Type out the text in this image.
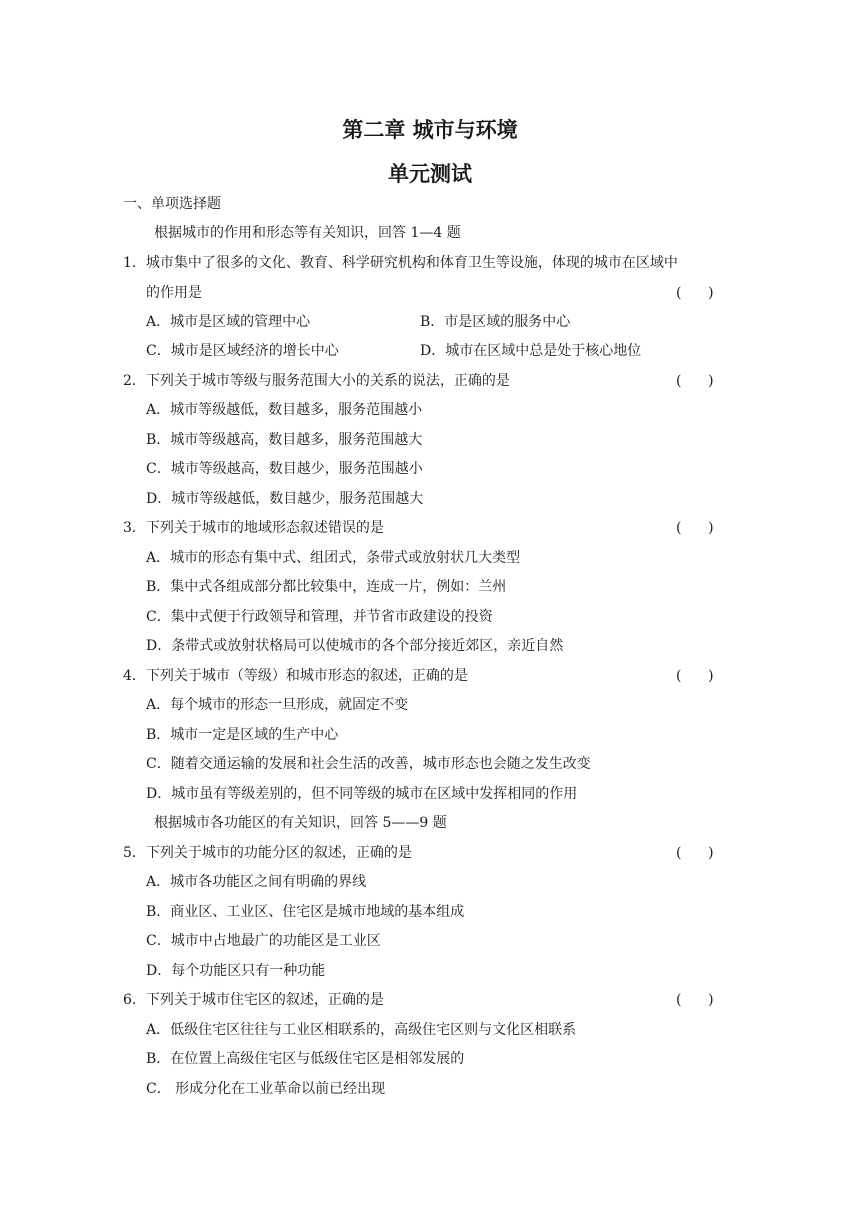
第二章 城市与环境
单元测试
一、单项选择题
根据城市的作用和形态等有关知识，回答 1—4 题
1．城市集中了很多的文化、教育、科学研究机构和体育卫生等设施，体现的城市在区域中
的作用是	(      )
A．城市是区域的管理中心	B．市是区域的服务中心
C．城市是区域经济的增长中心	D．城市在区域中总是处于核心地位
2．下列关于城市等级与服务范围大小的关系的说法，正确的是	(      )
A．城市等级越低，数目越多，服务范围越小
B．城市等级越高，数目越多，服务范围越大
C．城市等级越高，数目越少，服务范围越小
D．城市等级越低，数目越少，服务范围越大
3．下列关于城市的地域形态叙述错误的是	(      )
A．城市的形态有集中式、组团式，条带式或放射状几大类型
B．集中式各组成部分都比较集中，连成一片，例如：兰州
C．集中式便于行政领导和管理，并节省市政建设的投资
D．条带式或放射状格局可以使城市的各个部分接近郊区，亲近自然
4．下列关于城市（等级）和城市形态的叙述，正确的是	(      )
A．每个城市的形态一旦形成，就固定不变
B．城市一定是区域的生产中心
C．随着交通运输的发展和社会生活的改善，城市形态也会随之发生改变
D．城市虽有等级差别的，但不同等级的城市在区域中发挥相同的作用
根据城市各功能区的有关知识，回答 5——9 题
5．下列关于城市的功能分区的叙述，正确的是	(      )
A．城市各功能区之间有明确的界线
B．商业区、工业区、住宅区是城市地域的基本组成
C．城市中占地最广的功能区是工业区
D．每个功能区只有一种功能
6．下列关于城市住宅区的叙述，正确的是	(      )
A．低级住宅区往往与工业区相联系的，高级住宅区则与文化区相联系
B．在位置上高级住宅区与低级住宅区是相邻发展的
C． 形成分化在工业革命以前已经出现
